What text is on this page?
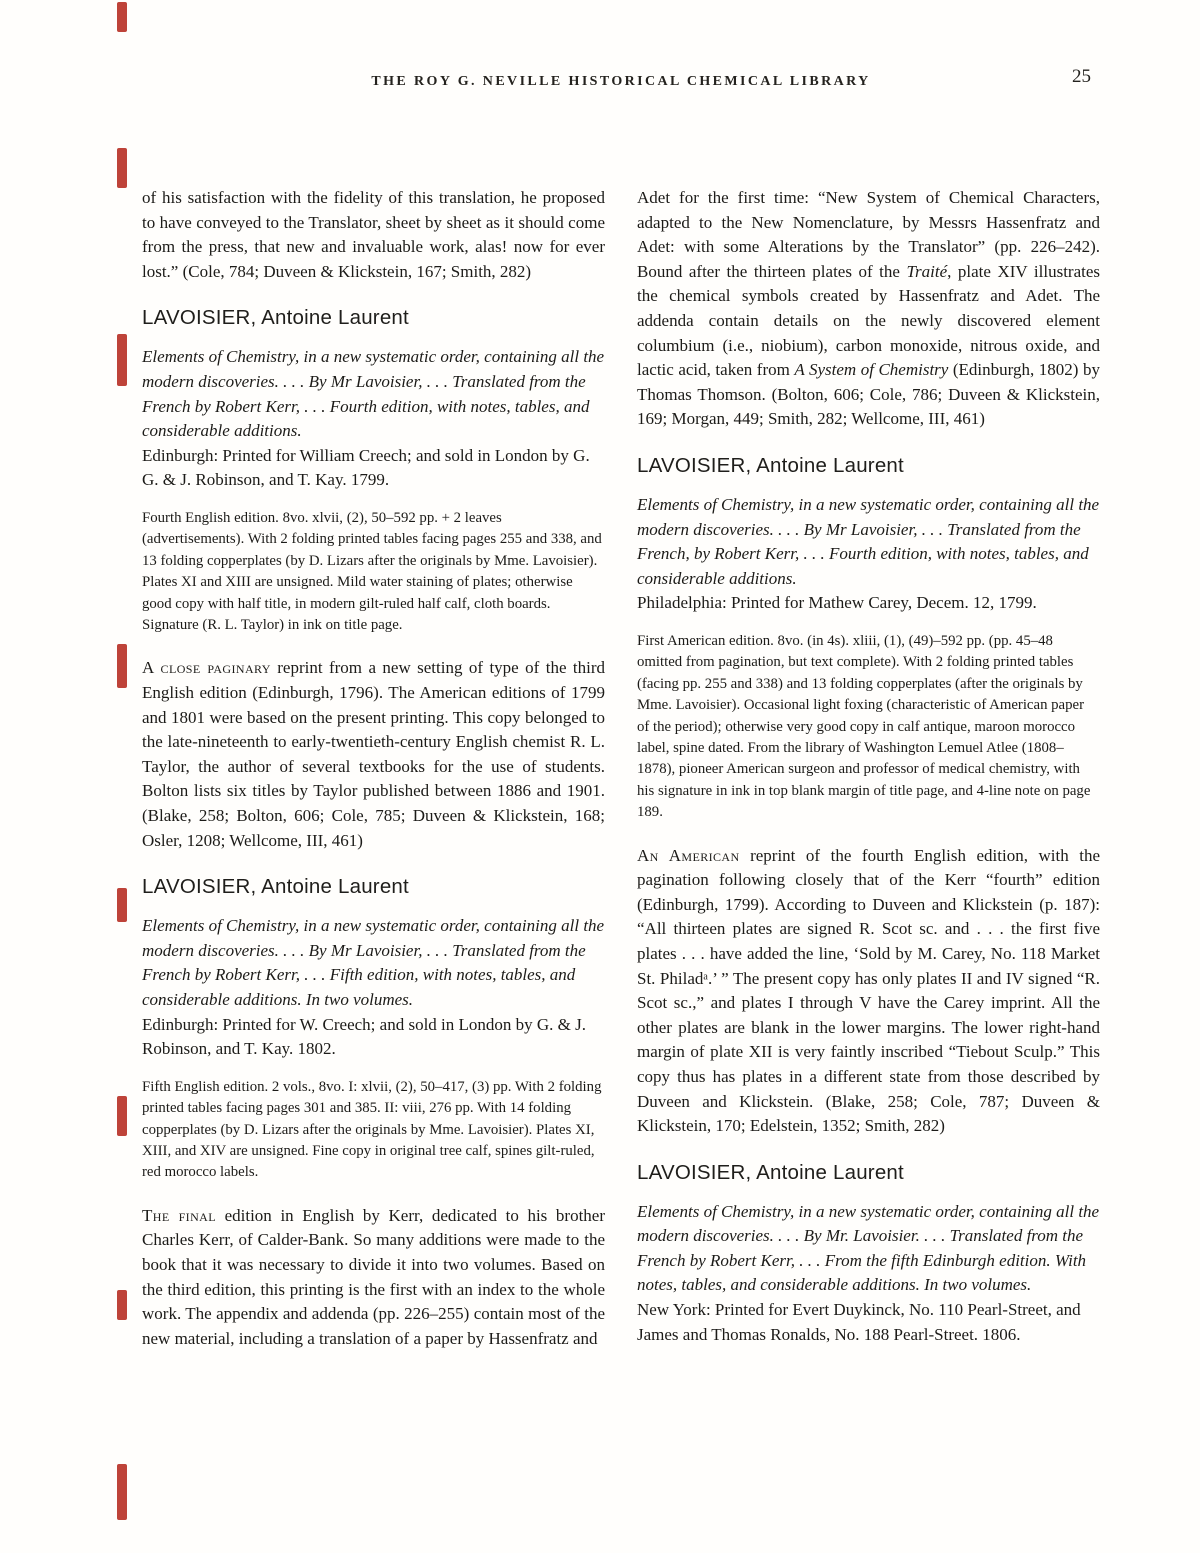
THE ROY G. NEVILLE HISTORICAL CHEMICAL LIBRARY	25

of his satisfaction with the fidelity of this translation, he proposed to have conveyed to the Translator, sheet by sheet as it should come from the press, that new and invaluable work, alas! now for ever lost.” (Cole, 784; Duveen & Klickstein, 167; Smith, 282)

LAVOISIER, Antoine Laurent
Elements of Chemistry, in a new systematic order, containing all the modern discoveries. . . . By Mr Lavoisier, . . . Translated from the French by Robert Kerr, . . . Fourth edition, with notes, tables, and considerable additions.
Edinburgh: Printed for William Creech; and sold in London by G. G. & J. Robinson, and T. Kay. 1799.

Fourth English edition. 8vo. xlvii, (2), 50–592 pp. + 2 leaves (advertisements). With 2 folding printed tables facing pages 255 and 338, and 13 folding copperplates (by D. Lizars after the originals by Mme. Lavoisier). Plates XI and XIII are unsigned. Mild water staining of plates; otherwise good copy with half title, in modern gilt-ruled half calf, cloth boards. Signature (R. L. Taylor) in ink on title page.

A close paginary reprint from a new setting of type of the third English edition (Edinburgh, 1796). The American editions of 1799 and 1801 were based on the present printing. This copy belonged to the late-nineteenth to early-twentieth-century English chemist R. L. Taylor, the author of several textbooks for the use of students. Bolton lists six titles by Taylor published between 1886 and 1901. (Blake, 258; Bolton, 606; Cole, 785; Duveen & Klickstein, 168; Osler, 1208; Wellcome, III, 461)

LAVOISIER, Antoine Laurent
Elements of Chemistry, in a new systematic order, containing all the modern discoveries. . . . By Mr Lavoisier, . . . Translated from the French by Robert Kerr, . . . Fifth edition, with notes, tables, and considerable additions. In two volumes.
Edinburgh: Printed for W. Creech; and sold in London by G. & J. Robinson, and T. Kay. 1802.

Fifth English edition. 2 vols., 8vo. I: xlvii, (2), 50–417, (3) pp. With 2 folding printed tables facing pages 301 and 385. II: viii, 276 pp. With 14 folding copperplates (by D. Lizars after the originals by Mme. Lavoisier). Plates XI, XIII, and XIV are unsigned. Fine copy in original tree calf, spines gilt-ruled, red morocco labels.

The final edition in English by Kerr, dedicated to his brother Charles Kerr, of Calder-Bank. So many additions were made to the book that it was necessary to divide it into two volumes. Based on the third edition, this printing is the first with an index to the whole work. The appendix and addenda (pp. 226–255) contain most of the new material, including a translation of a paper by Hassenfratz and

Adet for the first time: “New System of Chemical Characters, adapted to the New Nomenclature, by Messrs Hassenfratz and Adet: with some Alterations by the Translator” (pp. 226–242). Bound after the thirteen plates of the Traité, plate XIV illustrates the chemical symbols created by Hassenfratz and Adet. The addenda contain details on the newly discovered element columbium (i.e., niobium), carbon monoxide, nitrous oxide, and lactic acid, taken from A System of Chemistry (Edinburgh, 1802) by Thomas Thomson. (Bolton, 606; Cole, 786; Duveen & Klickstein, 169; Morgan, 449; Smith, 282; Wellcome, III, 461)

LAVOISIER, Antoine Laurent
Elements of Chemistry, in a new systematic order, containing all the modern discoveries. . . . By Mr Lavoisier, . . . Translated from the French, by Robert Kerr, . . . Fourth edition, with notes, tables, and considerable additions.
Philadelphia: Printed for Mathew Carey, Decem. 12, 1799.

First American edition. 8vo. (in 4s). xliii, (1), (49)–592 pp. (pp. 45–48 omitted from pagination, but text complete). With 2 folding printed tables (facing pp. 255 and 338) and 13 folding copperplates (after the originals by Mme. Lavoisier). Occasional light foxing (characteristic of American paper of the period); otherwise very good copy in calf antique, maroon morocco label, spine dated. From the library of Washington Lemuel Atlee (1808–1878), pioneer American surgeon and professor of medical chemistry, with his signature in ink in top blank margin of title page, and 4-line note on page 189.

An American reprint of the fourth English edition, with the pagination following closely that of the Kerr “fourth” edition (Edinburgh, 1799). According to Duveen and Klickstein (p. 187): “All thirteen plates are signed R. Scot sc. and . . . the first five plates . . . have added the line, ‘Sold by M. Carey, No. 118 Market St. Philadᵃ.’ ” The present copy has only plates II and IV signed “R. Scot sc.,” and plates I through V have the Carey imprint. All the other plates are blank in the lower margins. The lower right-hand margin of plate XII is very faintly inscribed “Tiebout Sculp.” This copy thus has plates in a different state from those described by Duveen and Klickstein. (Blake, 258; Cole, 787; Duveen & Klickstein, 170; Edelstein, 1352; Smith, 282)

LAVOISIER, Antoine Laurent
Elements of Chemistry, in a new systematic order, containing all the modern discoveries. . . . By Mr. Lavoisier. . . . Translated from the French by Robert Kerr, . . . From the fifth Edinburgh edition. With notes, tables, and considerable additions. In two volumes.
New York: Printed for Evert Duykinck, No. 110 Pearl-Street, and James and Thomas Ronalds, No. 188 Pearl-Street. 1806.
